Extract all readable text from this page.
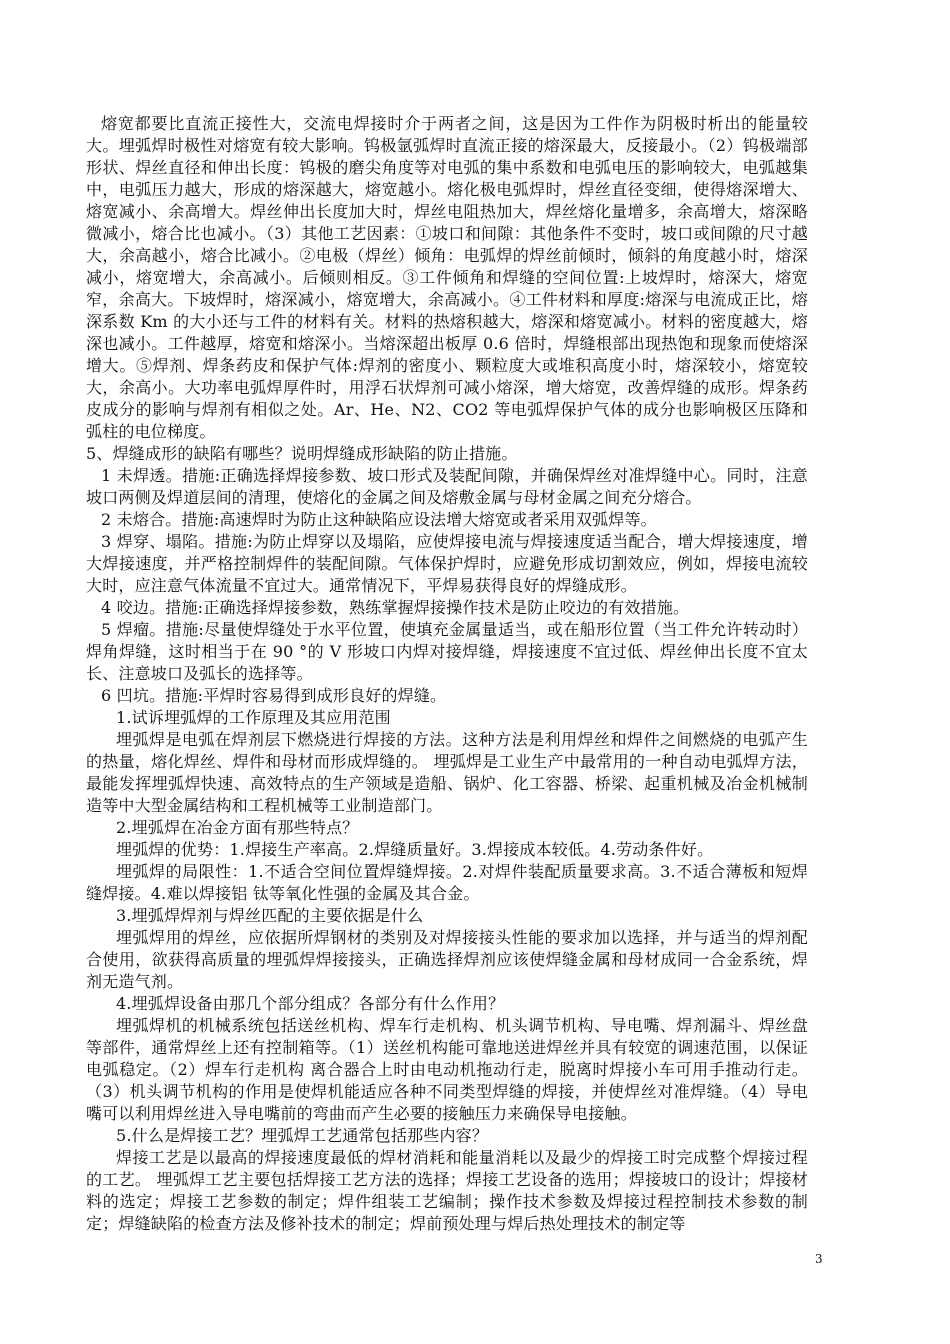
熔宽都要比直流正接性大，交流电焊接时介于两者之间，这是因为工件作为阴极时析出的能量较大。埋弧焊时极性对熔宽有较大影响。钨极氩弧焊时直流正接的熔深最大，反接最小。（2）钨极端部形状、焊丝直径和伸出长度：钨极的磨尖角度等对电弧的集中系数和电弧电压的影响较大，电弧越集中，电弧压力越大，形成的熔深越大，熔宽越小。熔化极电弧焊时，焊丝直径变细，使得熔深增大、熔宽减小、余高增大。焊丝伸出长度加大时，焊丝电阻热加大，焊丝熔化量增多，余高增大，熔深略微减小，熔合比也减小。（3）其他工艺因素：①坡口和间隙：其他条件不变时，坡口或间隙的尺寸越大，余高越小，熔合比减小。②电极（焊丝）倾角：电弧焊的焊丝前倾时，倾斜的角度越小时，熔深减小，熔宽增大，余高减小。后倾则相反。③工件倾角和焊缝的空间位置:上坡焊时，熔深大，熔宽窄，余高大。下坡焊时，熔深减小，熔宽增大，余高减小。④工件材料和厚度:熔深与电流成正比，熔深系数 Km 的大小还与工件的材料有关。材料的热熔积越大，熔深和熔宽减小。材料的密度越大，熔深也减小。工件越厚，熔宽和熔深小。当熔深超出板厚 0.6 倍时，焊缝根部出现热饱和现象而使熔深增大。⑤焊剂、焊条药皮和保护气体:焊剂的密度小、颗粒度大或堆积高度小时，熔深较小，熔宽较大，余高小。大功率电弧焊厚件时，用浮石状焊剂可减小熔深，增大熔宽，改善焊缝的成形。焊条药皮成分的影响与焊剂有相似之处。Ar、He、N2、CO2 等电弧焊保护气体的成分也影响极区压降和弧柱的电位梯度。

5、焊缝成形的缺陷有哪些？说明焊缝成形缺陷的防止措施。

1 未焊透。措施:正确选择焊接参数、坡口形式及装配间隙，并确保焊丝对准焊缝中心。同时，注意坡口两侧及焊道层间的清理，使熔化的金属之间及熔敷金属与母材金属之间充分熔合。

2 未熔合。措施:高速焊时为防止这种缺陷应设法增大熔宽或者采用双弧焊等。

3 焊穿、塌陷。措施:为防止焊穿以及塌陷，应使焊接电流与焊接速度适当配合，增大焊接速度，增大焊接速度，并严格控制焊件的装配间隙。气体保护焊时，应避免形成切割效应，例如，焊接电流较大时，应注意气体流量不宜过大。通常情况下，平焊易获得良好的焊缝成形。

4 咬边。措施:正确选择焊接参数，熟练掌握焊接操作技术是防止咬边的有效措施。

5 焊瘤。措施:尽量使焊缝处于水平位置，使填充金属量适当，或在船形位置（当工件允许转动时）焊角焊缝，这时相当于在 90 °的 V 形坡口内焊对接焊缝，焊接速度不宜过低、焊丝伸出长度不宜太长、注意坡口及弧长的选择等。

6 凹坑。措施:平焊时容易得到成形良好的焊缝。

1.试诉埋弧焊的工作原理及其应用范围

埋弧焊是电弧在焊剂层下燃烧进行焊接的方法。这种方法是利用焊丝和焊件之间燃烧的电弧产生的热量，熔化焊丝、焊件和母材而形成焊缝的。 埋弧焊是工业生产中最常用的一种自动电弧焊方法，最能发挥埋弧焊快速、高效特点的生产领域是造船、锅炉、化工容器、桥梁、起重机械及冶金机械制造等中大型金属结构和工程机械等工业制造部门。

2.埋弧焊在冶金方面有那些特点？

埋弧焊的优势：1.焊接生产率高。2.焊缝质量好。3.焊接成本较低。4.劳动条件好。

埋弧焊的局限性：1.不适合空间位置焊缝焊接。2.对焊件装配质量要求高。3.不适合薄板和短焊缝焊接。4.难以焊接铝 钛等氧化性强的金属及其合金。

3.埋弧焊焊剂与焊丝匹配的主要依据是什么

埋弧焊用的焊丝，应依据所焊钢材的类别及对焊接接头性能的要求加以选择，并与适当的焊剂配合使用，欲获得高质量的埋弧焊焊接接头，正确选择焊剂应该使焊缝金属和母材成同一合金系统，焊剂无造气剂。

4.埋弧焊设备由那几个部分组成？各部分有什么作用？

埋弧焊机的机械系统包括送丝机构、焊车行走机构、机头调节机构、导电嘴、焊剂漏斗、焊丝盘等部件，通常焊丝上还有控制箱等。（1）送丝机构能可靠地送进焊丝并具有较宽的调速范围，以保证电弧稳定。（2）焊车行走机构 离合器合上时由电动机拖动行走，脱离时焊接小车可用手推动行走。（3）机头调节机构的作用是使焊机能适应各种不同类型焊缝的焊接，并使焊丝对准焊缝。（4）导电嘴可以利用焊丝进入导电嘴前的弯曲而产生必要的接触压力来确保导电接触。

5.什么是焊接工艺？埋弧焊工艺通常包括那些内容？

焊接工艺是以最高的焊接速度最低的焊材消耗和能量消耗以及最少的焊接工时完成整个焊接过程的工艺。 埋弧焊工艺主要包括焊接工艺方法的选择；焊接工艺设备的选用；焊接坡口的设计；焊接材料的选定；焊接工艺参数的制定；焊件组装工艺编制；操作技术参数及焊接过程控制技术参数的制定；焊缝缺陷的检查方法及修补技术的制定；焊前预处理与焊后热处理技术的制定等

3
